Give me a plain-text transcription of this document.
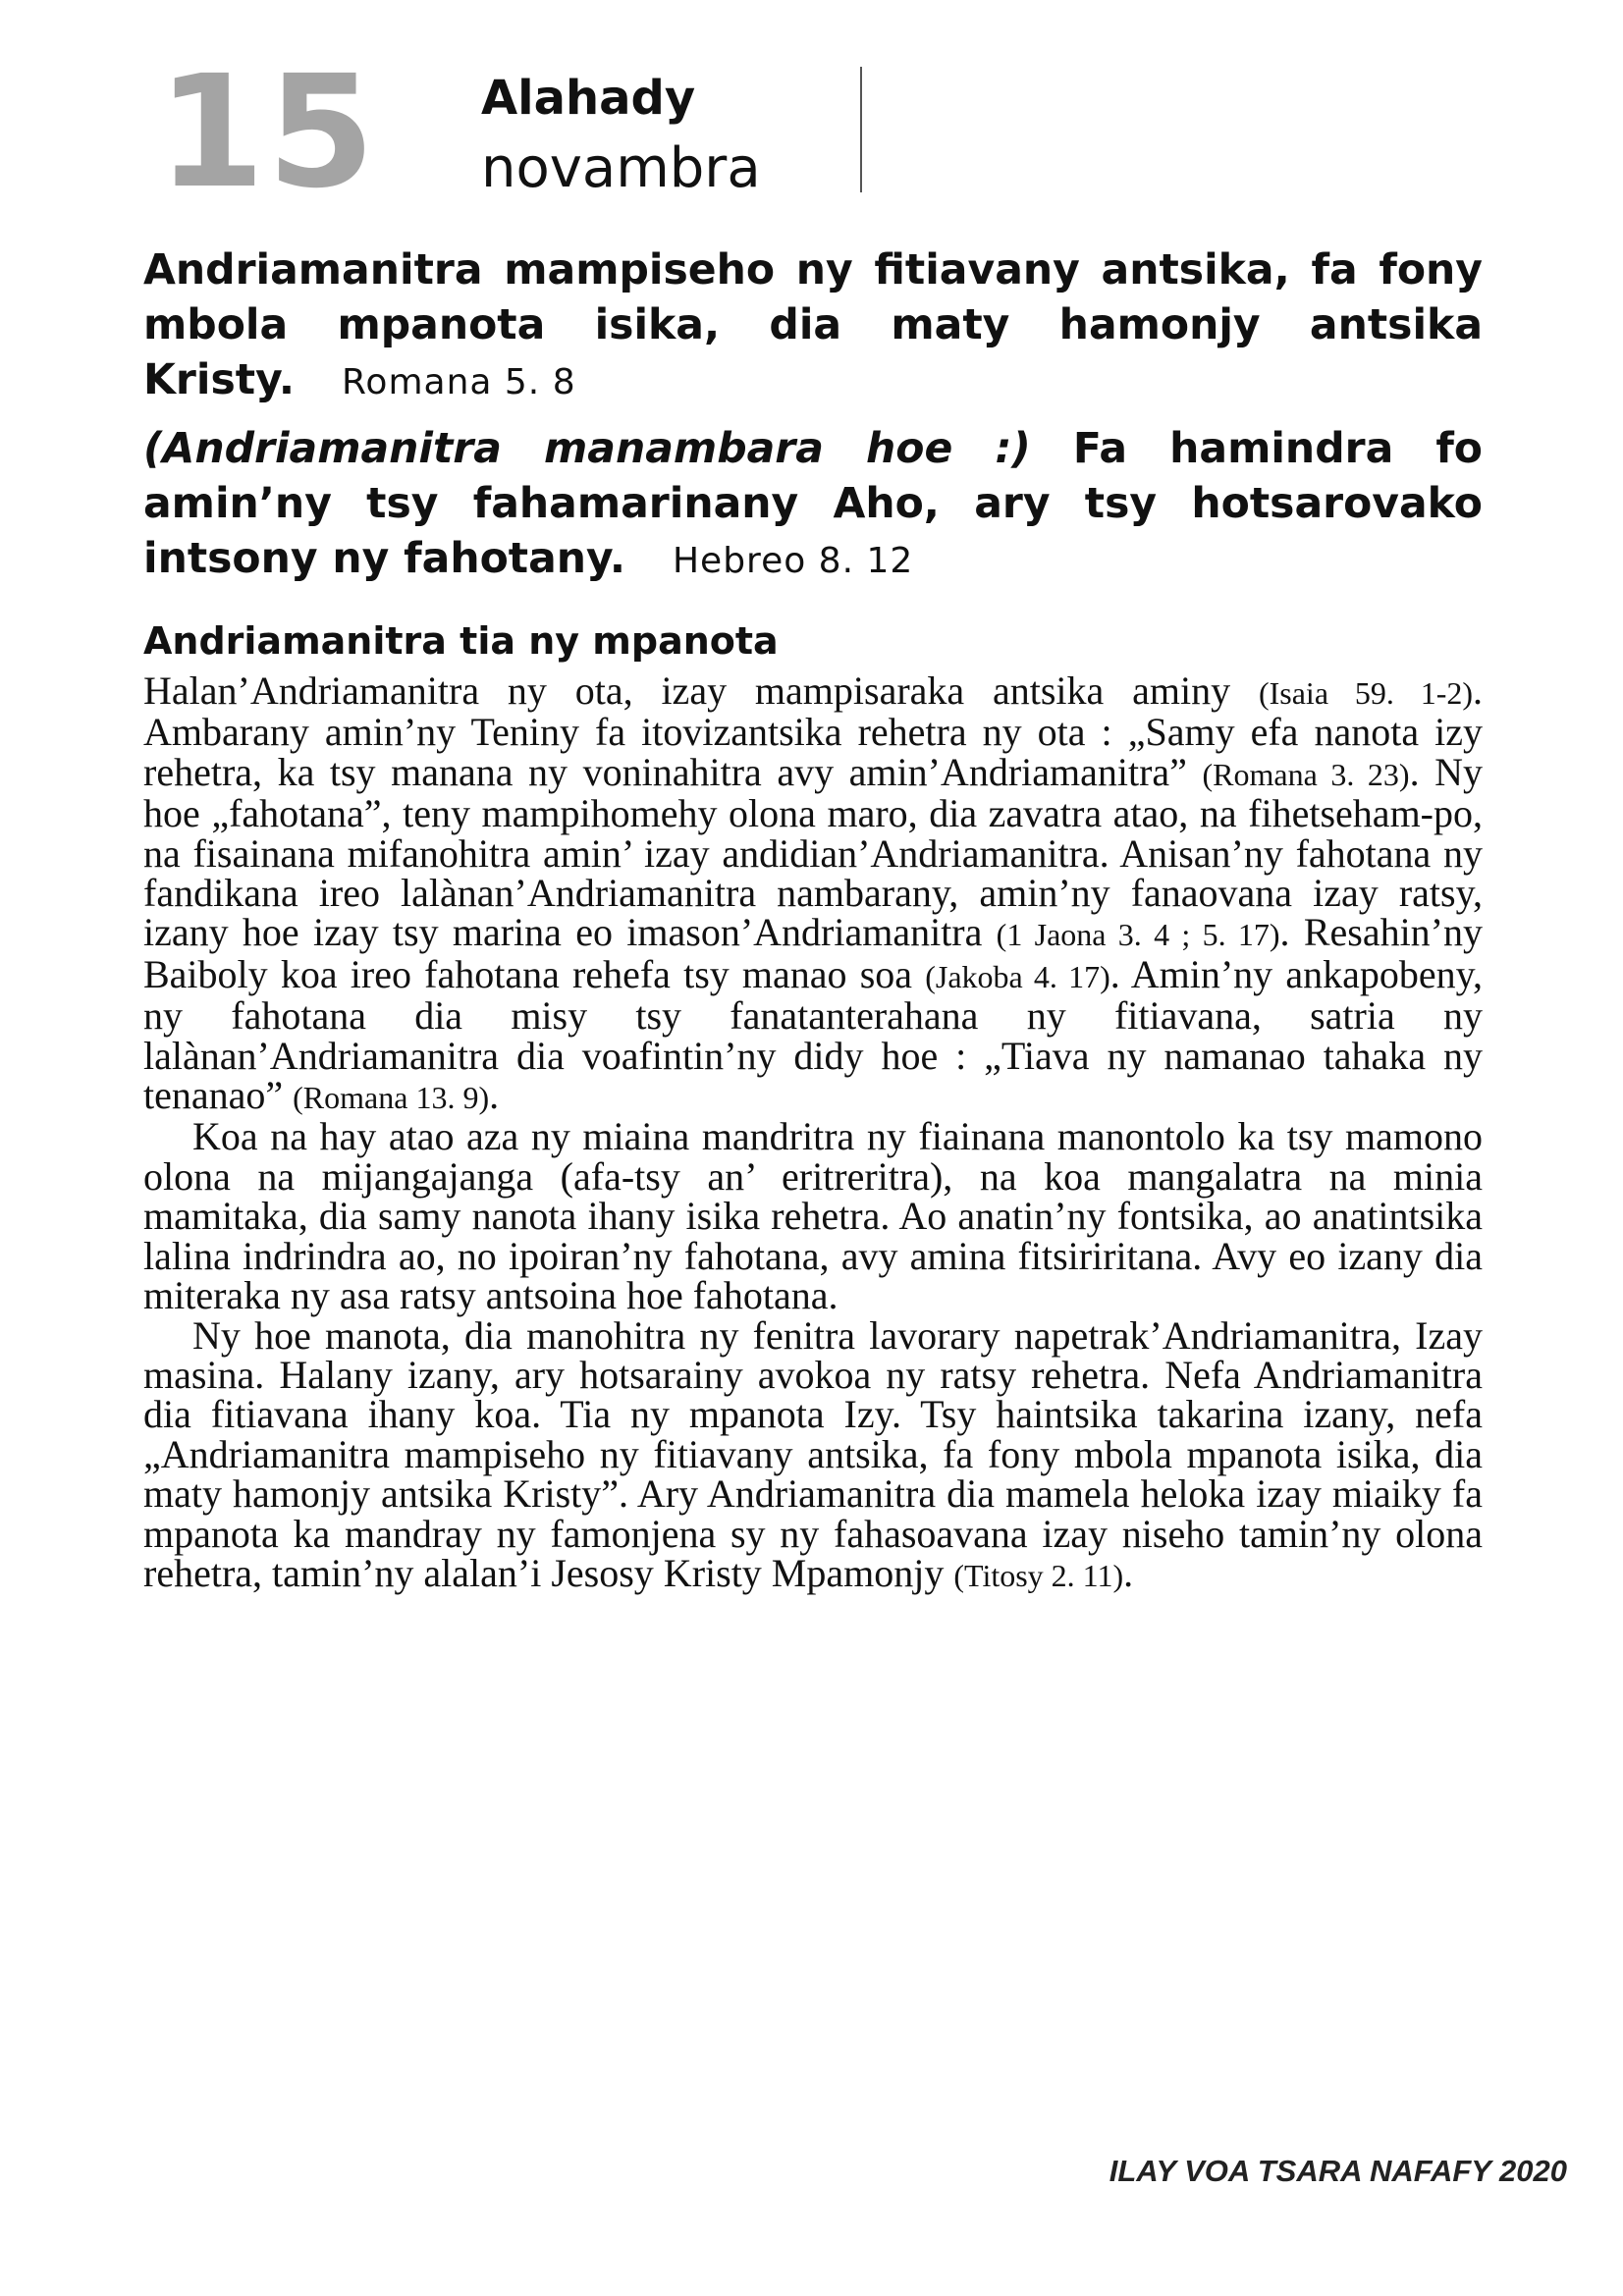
15 Alahady
novambra
Andriamanitra mampiseho ny fitiavany antsika, fa fony mbola mpanota isika, dia maty hamonjy antsika Kristy. Romana 5. 8
(Andriamanitra manambara hoe :) Fa hamindra fo amin’ny tsy fahamarinany Aho, ary tsy hotsarovako intsony ny fahotany. Hebreo 8. 12
Andriamanitra tia ny mpanota

Halan’Andriamanitra ny ota, izay mampisaraka antsika aminy (Isaia 59. 1-2). Ambarany amin’ny Teniny fa itovizantsika rehetra ny ota : „Samy efa nanota izy rehetra, ka tsy manana ny voninahitra avy amin’Andriamanitra” (Romana 3. 23). Ny hoe „fahotana”, teny mampihomehy olona maro, dia zavatra atao, na fihetseham-po, na fisainana mifanohitra amin’ izay andidian’Andriamanitra. Anisan’ny fahotana ny fandikana ireo lalànan’Andriamanitra nambarany, amin’ny fanaovana izay ratsy, izany hoe izay tsy marina eo imason’Andriamanitra (1 Jaona 3. 4 ; 5. 17). Resahin’ny Baiboly koa ireo fahotana rehefa tsy manao soa (Jakoba 4. 17). Amin’ny ankapobeny, ny fahotana dia misy tsy fanatanterahana ny fitiavana, satria ny lalànan’Andriamanitra dia voafintin’ny didy hoe : „Tiava ny namanao tahaka ny tenanao” (Romana 13. 9).

Koa na hay atao aza ny miaina mandritra ny fiainana manontolo ka tsy mamono olona na mijangajanga (afa-tsy an’ eritreritra), na koa mangalatra na minia mamitaka, dia samy nanota ihany isika rehetra. Ao anatin’ny fontsika, ao anatintsika lalina indrindra ao, no ipoiran’ny fahotana, avy amina fitsiriritana. Avy eo izany dia miteraka ny asa ratsy antsoina hoe fahotana.

Ny hoe manota, dia manohitra ny fenitra lavorary napetrak’Andriamanitra, Izay masina. Halany izany, ary hotsarainy avokoa ny ratsy rehetra. Nefa Andriamanitra dia fitiavana ihany koa. Tia ny mpanota Izy. Tsy haintsika takarina izany, nefa „Andriamanitra mampiseho ny fitiavany antsika, fa fony mbola mpanota isika, dia maty hamonjy antsika Kristy”. Ary Andriamanitra dia mamela heloka izay miaiky fa mpanota ka mandray ny famonjena sy ny fahasoavana izay niseho tamin’ny olona rehetra, tamin’ny alalan’i Jesosy Kristy Mpamonjy (Titosy 2. 11).

ILAY VOA TSARA NAFAFY 2020
